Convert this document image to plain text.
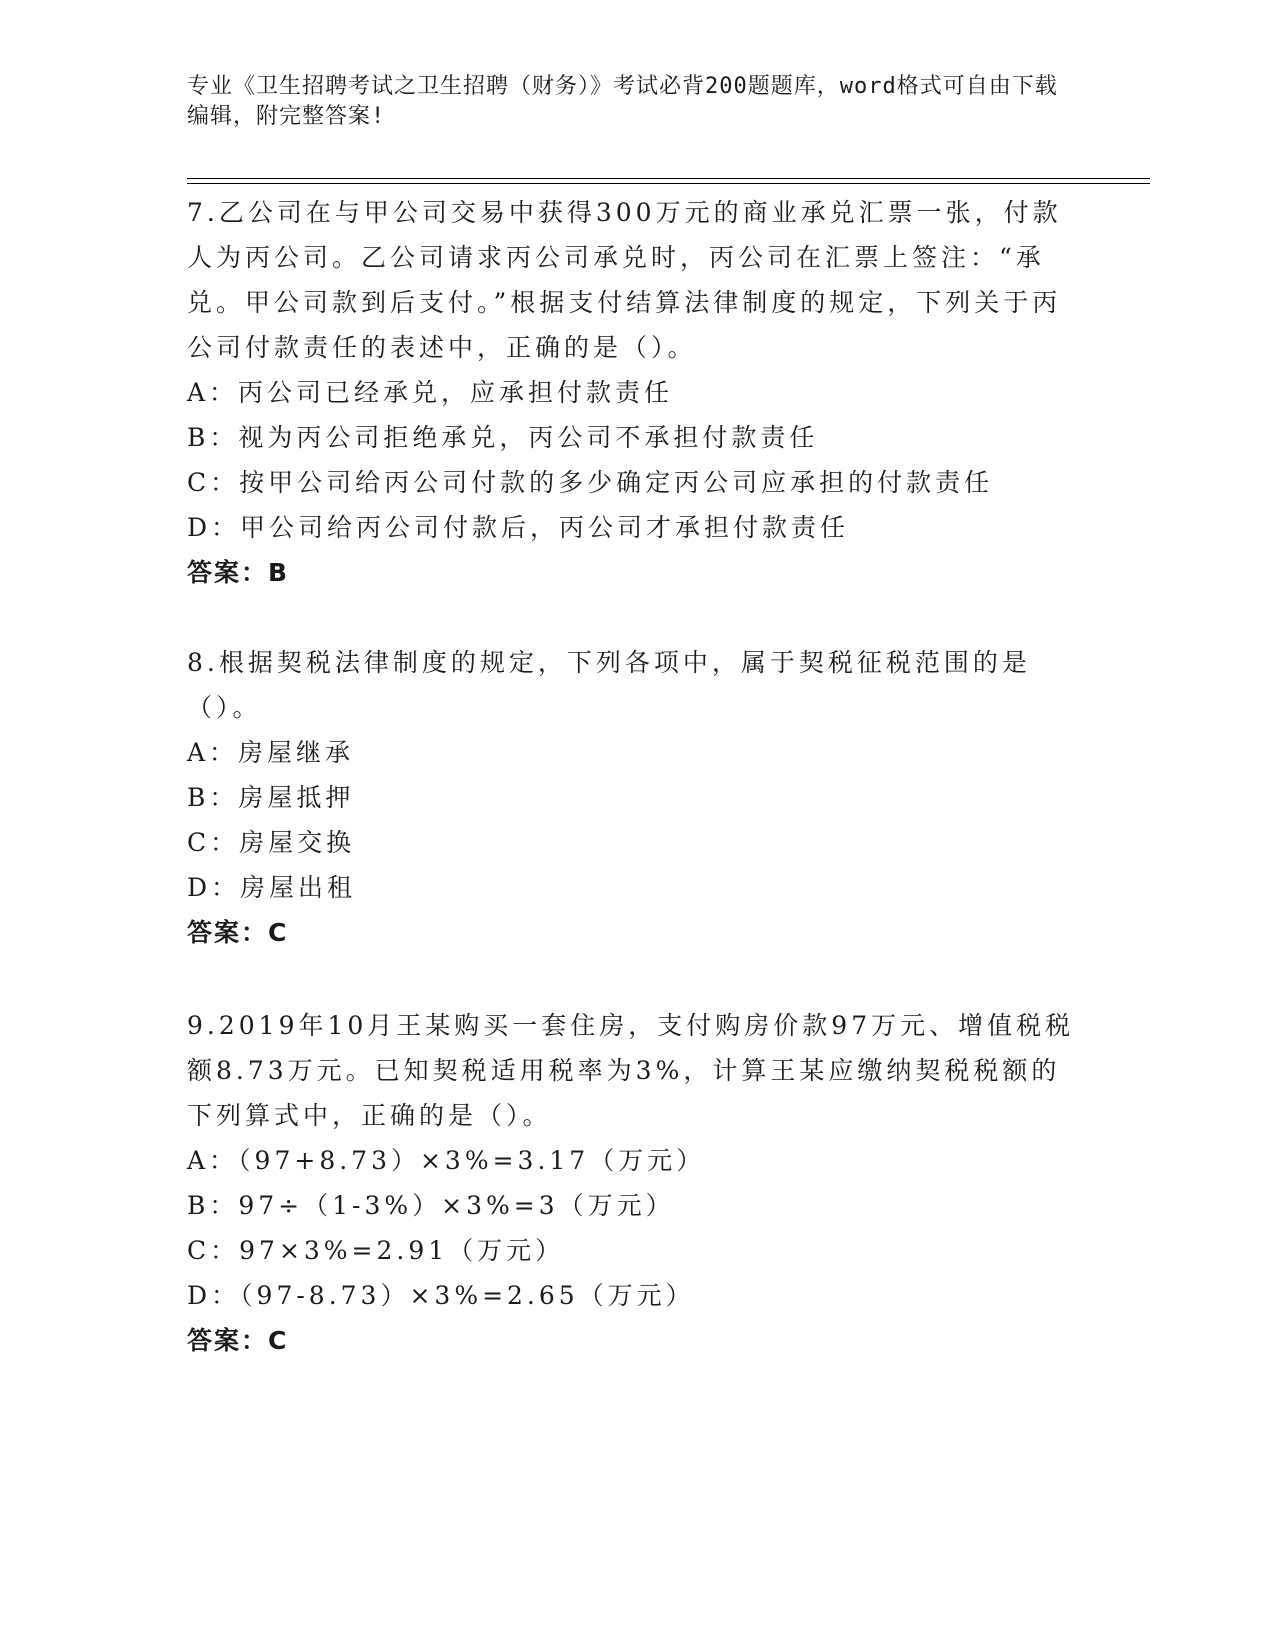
专业《卫生招聘考试之卫生招聘（财务）》考试必背200题题库，word格式可自由下载编辑，附完整答案!
7.乙公司在与甲公司交易中获得300万元的商业承兑汇票一张，付款人为丙公司。乙公司请求丙公司承兑时，丙公司在汇票上签注：“承兑。甲公司款到后支付。”根据支付结算法律制度的规定，下列关于丙公司付款责任的表述中，正确的是（）。
A：丙公司已经承兑，应承担付款责任
B：视为丙公司拒绝承兑，丙公司不承担付款责任
C：按甲公司给丙公司付款的多少确定丙公司应承担的付款责任
D：甲公司给丙公司付款后，丙公司才承担付款责任
答案：B
8.根据契税法律制度的规定，下列各项中，属于契税征税范围的是（）。
A：房屋继承
B：房屋抵押
C：房屋交换
D：房屋出租
答案：C
9.2019年10月王某购买一套住房，支付购房价款97万元、增值税税额8.73万元。已知契税适用税率为3%，计算王某应缴纳契税税额的下列算式中，正确的是（）。
A：（97+8.73）×3%=3.17（万元）
B：97÷（1-3%）×3%=3（万元）
C：97×3%=2.91（万元）
D：（97-8.73）×3%=2.65（万元）
答案：C
